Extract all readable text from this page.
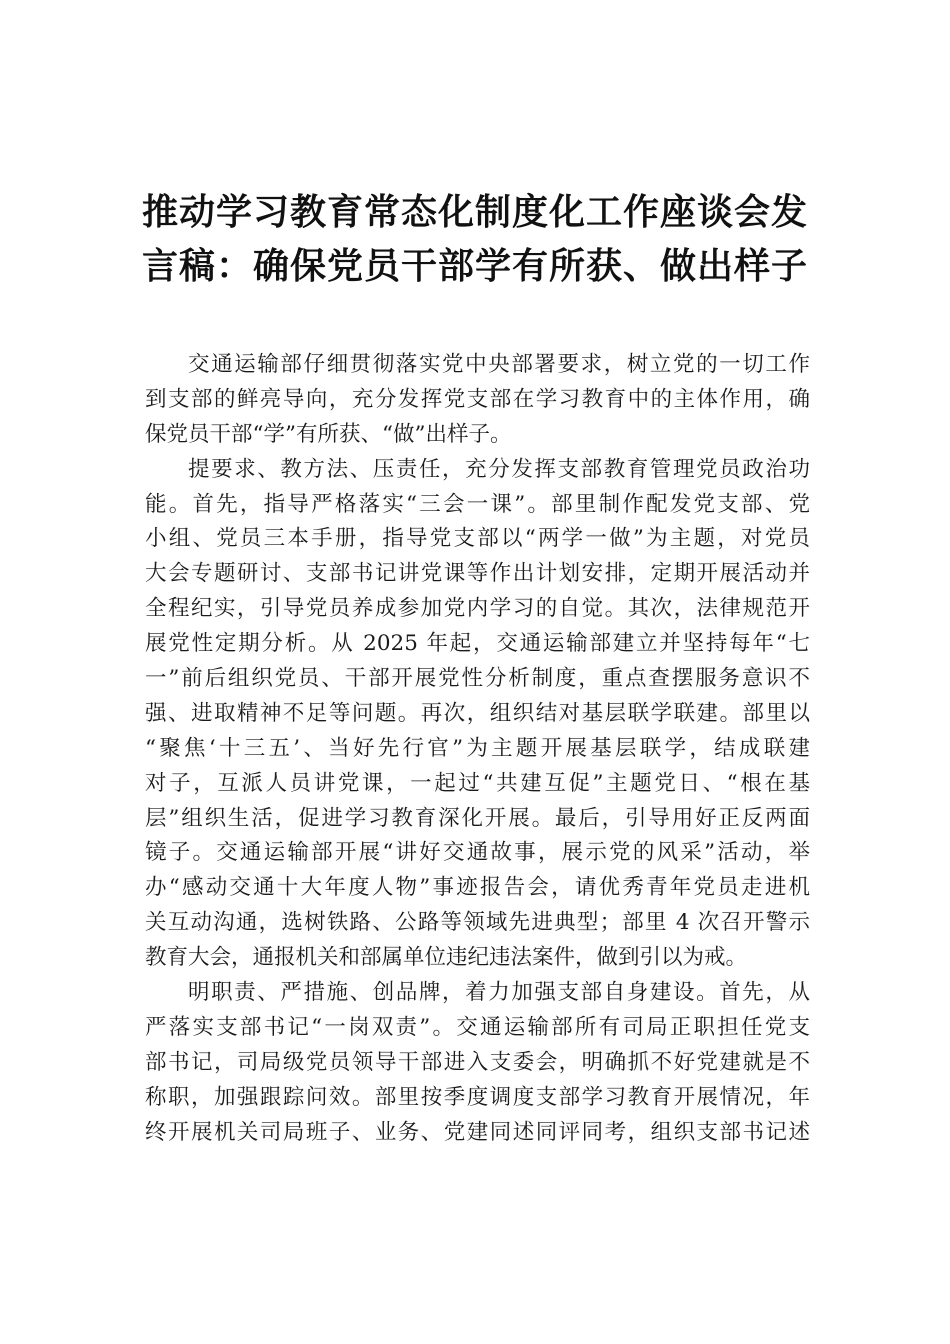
推动学习教育常态化制度化工作座谈会发
言稿：确保党员干部学有所获、做出样子
交通运输部仔细贯彻落实党中央部署要求，树立党的一切工作
到支部的鲜亮导向，充分发挥党支部在学习教育中的主体作用，确
保党员干部“学”有所获、“做”出样子。
提要求、教方法、压责任，充分发挥支部教育管理党员政治功
能。首先，指导严格落实“三会一课”。部里制作配发党支部、党
小组、党员三本手册，指导党支部以“两学一做”为主题，对党员
大会专题研讨、支部书记讲党课等作出计划安排，定期开展活动并
全程纪实，引导党员养成参加党内学习的自觉。其次，法律规范开
展党性定期分析。从 2025 年起，交通运输部建立并坚持每年“七
一”前后组织党员、干部开展党性分析制度，重点查摆服务意识不
强、进取精神不足等问题。再次，组织结对基层联学联建。部里以
“聚焦‘十三五’、当好先行官”为主题开展基层联学，结成联建
对子，互派人员讲党课，一起过“共建互促”主题党日、“根在基
层”组织生活，促进学习教育深化开展。最后，引导用好正反两面
镜子。交通运输部开展“讲好交通故事，展示党的风采”活动，举
办“感动交通十大年度人物”事迹报告会，请优秀青年党员走进机
关互动沟通，选树铁路、公路等领域先进典型；部里 4 次召开警示
教育大会，通报机关和部属单位违纪违法案件，做到引以为戒。
明职责、严措施、创品牌，着力加强支部自身建设。首先，从
严落实支部书记“一岗双责”。交通运输部所有司局正职担任党支
部书记，司局级党员领导干部进入支委会，明确抓不好党建就是不
称职，加强跟踪问效。部里按季度调度支部学习教育开展情况，年
终开展机关司局班子、业务、党建同述同评同考，组织支部书记述
